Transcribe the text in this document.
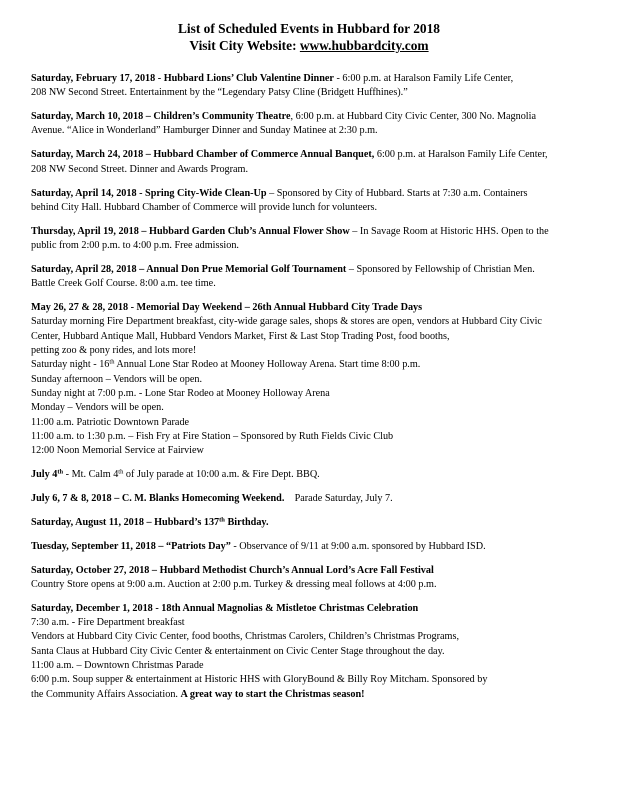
List of Scheduled Events in Hubbard for 2018
Visit City Website: www.hubbardcity.com
Saturday, February 17, 2018 - Hubbard Lions’ Club Valentine Dinner - 6:00 p.m. at Haralson Family Life Center,
208 NW Second Street. Entertainment by the “Legendary Patsy Cline (Bridgett Huffhines).”
Saturday, March 10, 2018 – Children’s Community Theatre, 6:00 p.m. at Hubbard City Civic Center, 300 No. Magnolia
Avenue. “Alice in Wonderland” Hamburger Dinner and Sunday Matinee at 2:30 p.m.
Saturday, March 24, 2018 – Hubbard Chamber of Commerce Annual Banquet, 6:00 p.m. at Haralson Family Life Center,
208 NW Second Street. Dinner and Awards Program.
Saturday, April 14, 2018 - Spring City-Wide Clean-Up – Sponsored by City of Hubbard. Starts at 7:30 a.m. Containers
behind City Hall. Hubbard Chamber of Commerce will provide lunch for volunteers.
Thursday, April 19, 2018 – Hubbard Garden Club’s Annual Flower Show – In Savage Room at Historic HHS. Open to the
public from 2:00 p.m. to 4:00 p.m. Free admission.
Saturday, April 28, 2018 – Annual Don Prue Memorial Golf Tournament – Sponsored by Fellowship of Christian Men.
Battle Creek Golf Course. 8:00 a.m. tee time.
May 26, 27 & 28, 2018 - Memorial Day Weekend – 26th Annual Hubbard City Trade Days
Saturday morning Fire Department breakfast, city-wide garage sales, shops & stores are open, vendors at Hubbard City Civic
Center, Hubbard Antique Mall, Hubbard Vendors Market, First & Last Stop Trading Post, food booths,
petting zoo & pony rides, and lots more!
Saturday night - 16th Annual Lone Star Rodeo at Mooney Holloway Arena. Start time 8:00 p.m.
Sunday afternoon – Vendors will be open.
Sunday night at 7:00 p.m. - Lone Star Rodeo at Mooney Holloway Arena
Monday – Vendors will be open.
11:00 a.m. Patriotic Downtown Parade
11:00 a.m. to 1:30 p.m. – Fish Fry at Fire Station – Sponsored by Ruth Fields Civic Club
12:00 Noon Memorial Service at Fairview
July 4th - Mt. Calm 4th of July parade at 10:00 a.m. & Fire Dept. BBQ.
July 6, 7 & 8, 2018 – C. M. Blanks Homecoming Weekend.    Parade Saturday, July 7.
Saturday, August 11, 2018 – Hubbard’s 137th Birthday.
Tuesday, September 11, 2018 – “Patriots Day” - Observance of 9/11 at 9:00 a.m. sponsored by Hubbard ISD.
Saturday, October 27, 2018 – Hubbard Methodist Church’s Annual Lord’s Acre Fall Festival
Country Store opens at 9:00 a.m. Auction at 2:00 p.m. Turkey & dressing meal follows at 4:00 p.m.
Saturday, December 1, 2018 - 18th Annual Magnolias & Mistletoe Christmas Celebration
7:30 a.m. - Fire Department breakfast
Vendors at Hubbard City Civic Center, food booths, Christmas Carolers, Children’s Christmas Programs,
Santa Claus at Hubbard City Civic Center & entertainment on Civic Center Stage throughout the day.
11:00 a.m. – Downtown Christmas Parade
6:00 p.m. Soup supper & entertainment at Historic HHS with GloryBound & Billy Roy Mitcham. Sponsored by
the Community Affairs Association. A great way to start the Christmas season!
